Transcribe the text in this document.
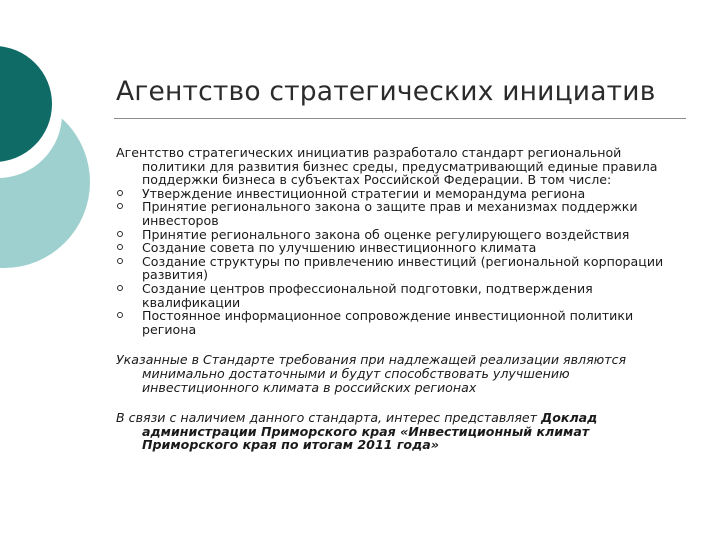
Агентство стратегических инициатив

Агентство стратегических инициатив разработало стандарт региональной политики для развития бизнес среды, предусматривающий единые правила поддержки бизнеса в субъектах Российской Федерации. В том числе:

Утверждение инвестиционной стратегии и меморандума региона
Принятие регионального закона о защите прав и механизмах поддержки инвесторов
Принятие регионального закона об оценке регулирующего воздействия
Создание совета по улучшению инвестиционного климата
Создание структуры по привлечению инвестиций (региональной корпорации развития)
Создание центров профессиональной подготовки, подтверждения квалификации
Постоянное информационное сопровождение инвестиционной политики региона

Указанные в Стандарте требования при надлежащей реализации являются минимально достаточными и будут способствовать улучшению инвестиционного климата в российских регионах

В связи с наличием данного стандарта, интерес представляет Доклад администрации Приморского края «Инвестиционный климат Приморского края по итогам 2011 года»
